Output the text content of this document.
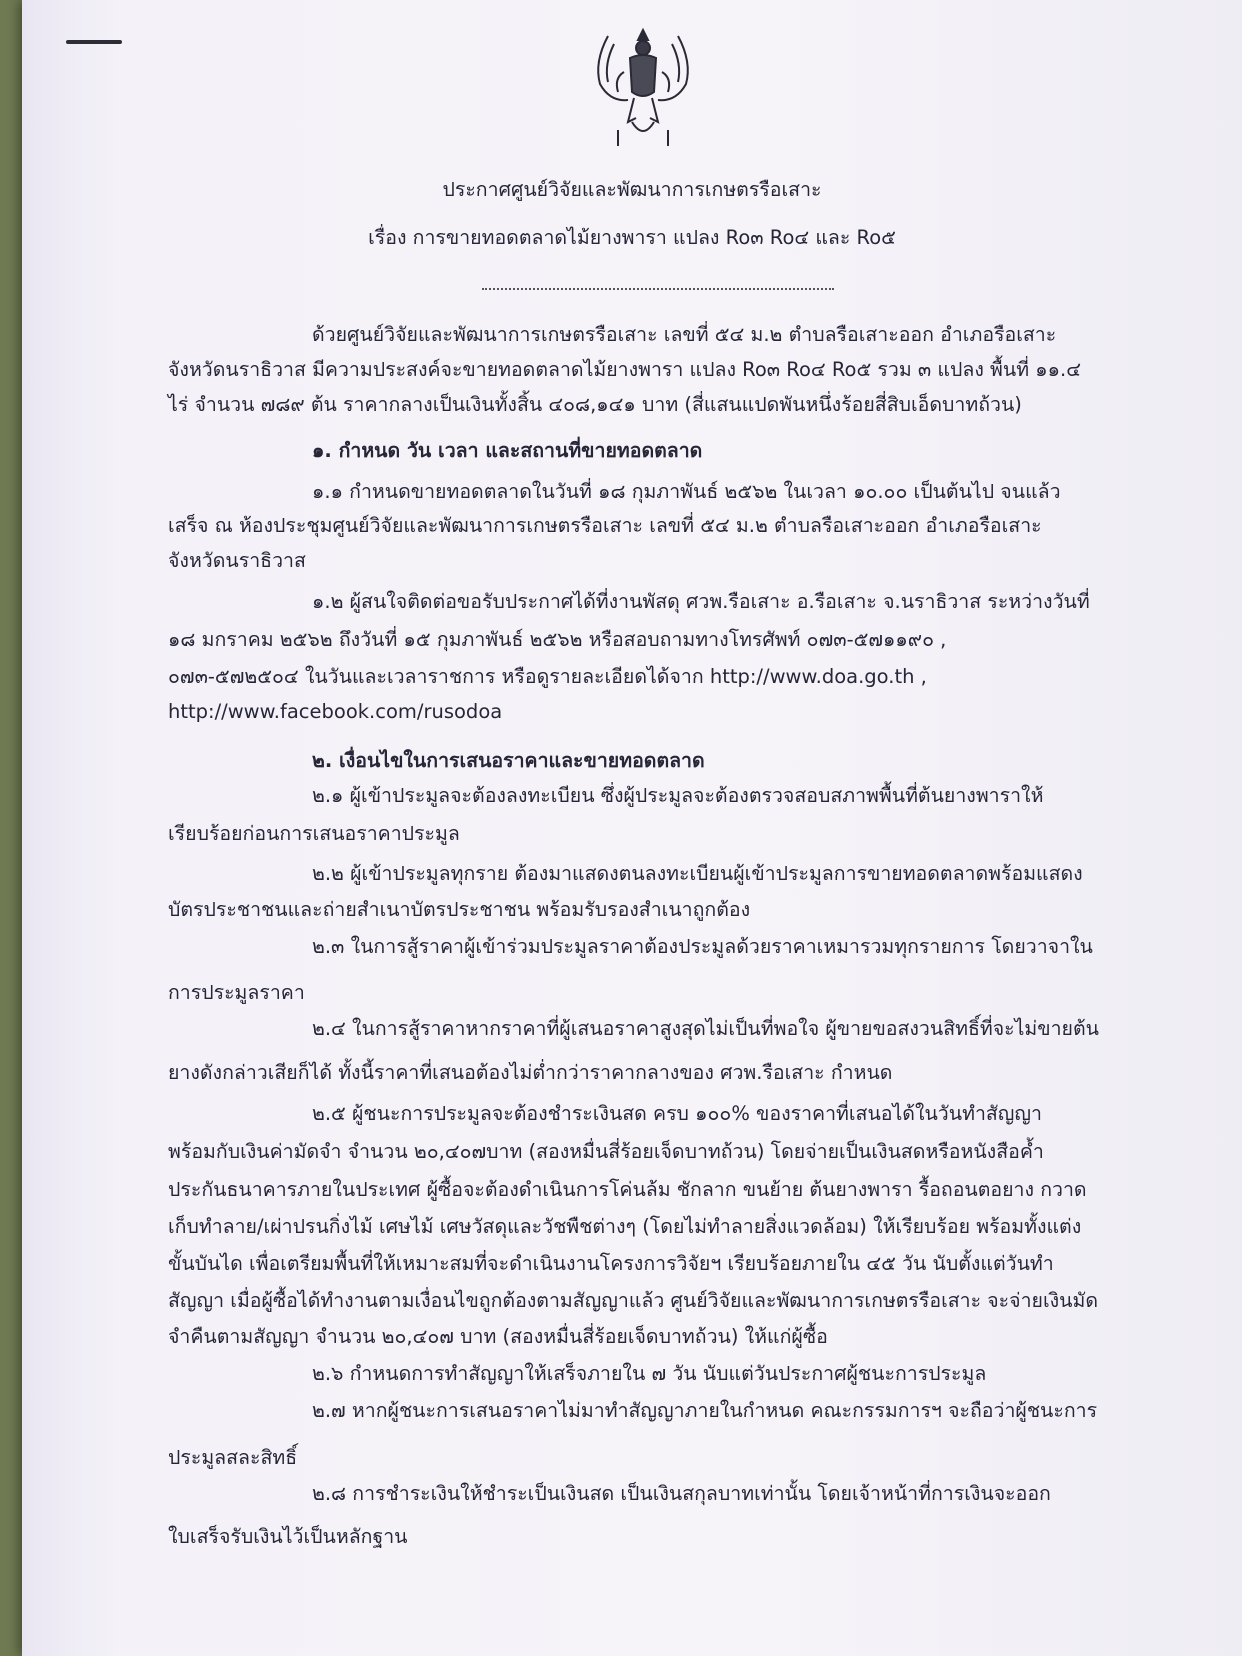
ประกาศศูนย์วิจัยและพัฒนาการเกษตรรือเสาะ
เรื่อง การขายทอดตลาดไม้ยางพารา แปลง Ro๓ Ro๔ และ Ro๕
ด้วยศูนย์วิจัยและพัฒนาการเกษตรรือเสาะ เลขที่ ๕๔ ม.๒ ตำบลรือเสาะออก อำเภอรือเสาะ
จังหวัดนราธิวาส มีความประสงค์จะขายทอดตลาดไม้ยางพารา แปลง Ro๓ Ro๔ Ro๕ รวม ๓ แปลง พื้นที่ ๑๑.๔
ไร่ จำนวน ๗๘๙ ต้น ราคากลางเป็นเงินทั้งสิ้น ๔๐๘,๑๔๑ บาท (สี่แสนแปดพันหนึ่งร้อยสี่สิบเอ็ดบาทถ้วน)
๑. กำหนด วัน เวลา และสถานที่ขายทอดตลาด
๑.๑ กำหนดขายทอดตลาดในวันที่ ๑๘ กุมภาพันธ์ ๒๕๖๒ ในเวลา ๑๐.๐๐ เป็นต้นไป จนแล้ว
เสร็จ ณ ห้องประชุมศูนย์วิจัยและพัฒนาการเกษตรรือเสาะ เลขที่ ๕๔ ม.๒ ตำบลรือเสาะออก อำเภอรือเสาะ
จังหวัดนราธิวาส
๑.๒ ผู้สนใจติดต่อขอรับประกาศได้ที่งานพัสดุ ศวพ.รือเสาะ อ.รือเสาะ จ.นราธิวาส ระหว่างวันที่
๑๘ มกราคม ๒๕๖๒ ถึงวันที่ ๑๕ กุมภาพันธ์ ๒๕๖๒ หรือสอบถามทางโทรศัพท์ ๐๗๓-๕๗๑๑๙๐ ,
๐๗๓-๕๗๒๕๐๔ ในวันและเวลาราชการ หรือดูรายละเอียดได้จาก http://www.doa.go.th ,
http://www.facebook.com/rusodoa
๒. เงื่อนไขในการเสนอราคาและขายทอดตลาด
๒.๑ ผู้เข้าประมูลจะต้องลงทะเบียน ซึ่งผู้ประมูลจะต้องตรวจสอบสภาพพื้นที่ต้นยางพาราให้
เรียบร้อยก่อนการเสนอราคาประมูล
๒.๒ ผู้เข้าประมูลทุกราย ต้องมาแสดงตนลงทะเบียนผู้เข้าประมูลการขายทอดตลาดพร้อมแสดง
บัตรประชาชนและถ่ายสำเนาบัตรประชาชน พร้อมรับรองสำเนาถูกต้อง
๒.๓ ในการสู้ราคาผู้เข้าร่วมประมูลราคาต้องประมูลด้วยราคาเหมารวมทุกรายการ โดยวาจาใน
การประมูลราคา
๒.๔ ในการสู้ราคาหากราคาที่ผู้เสนอราคาสูงสุดไม่เป็นที่พอใจ ผู้ขายขอสงวนสิทธิ์ที่จะไม่ขายต้น
ยางดังกล่าวเสียก็ได้ ทั้งนี้ราคาที่เสนอต้องไม่ต่ำกว่าราคากลางของ ศวพ.รือเสาะ กำหนด
๒.๕ ผู้ชนะการประมูลจะต้องชำระเงินสด ครบ ๑๐๐% ของราคาที่เสนอได้ในวันทำสัญญา
พร้อมกับเงินค่ามัดจำ จำนวน ๒๐,๔๐๗บาท (สองหมื่นสี่ร้อยเจ็ดบาทถ้วน) โดยจ่ายเป็นเงินสดหรือหนังสือค้ำ
ประกันธนาคารภายในประเทศ ผู้ซื้อจะต้องดำเนินการโค่นล้ม ชักลาก ขนย้าย ต้นยางพารา รื้อถอนตอยาง กวาด
เก็บทำลาย/เผ่าปรนกิ่งไม้ เศษไม้ เศษวัสดุและวัชพืชต่างๆ (โดยไม่ทำลายสิ่งแวดล้อม) ให้เรียบร้อย พร้อมทั้งแต่ง
ขั้นบันได เพื่อเตรียมพื้นที่ให้เหมาะสมที่จะดำเนินงานโครงการวิจัยฯ เรียบร้อยภายใน ๔๕ วัน นับตั้งแต่วันทำ
สัญญา เมื่อผู้ซื้อได้ทำงานตามเงื่อนไขถูกต้องตามสัญญาแล้ว ศูนย์วิจัยและพัฒนาการเกษตรรือเสาะ จะจ่ายเงินมัด
จำคืนตามสัญญา จำนวน ๒๐,๔๐๗ บาท (สองหมื่นสี่ร้อยเจ็ดบาทถ้วน) ให้แก่ผู้ซื้อ
๒.๖ กำหนดการทำสัญญาให้เสร็จภายใน ๗ วัน นับแต่วันประกาศผู้ชนะการประมูล
๒.๗ หากผู้ชนะการเสนอราคาไม่มาทำสัญญาภายในกำหนด คณะกรรมการฯ จะถือว่าผู้ชนะการ
ประมูลสละสิทธิ์
๒.๘ การชำระเงินให้ชำระเป็นเงินสด เป็นเงินสกุลบาทเท่านั้น โดยเจ้าหน้าที่การเงินจะออก
ใบเสร็จรับเงินไว้เป็นหลักฐาน
